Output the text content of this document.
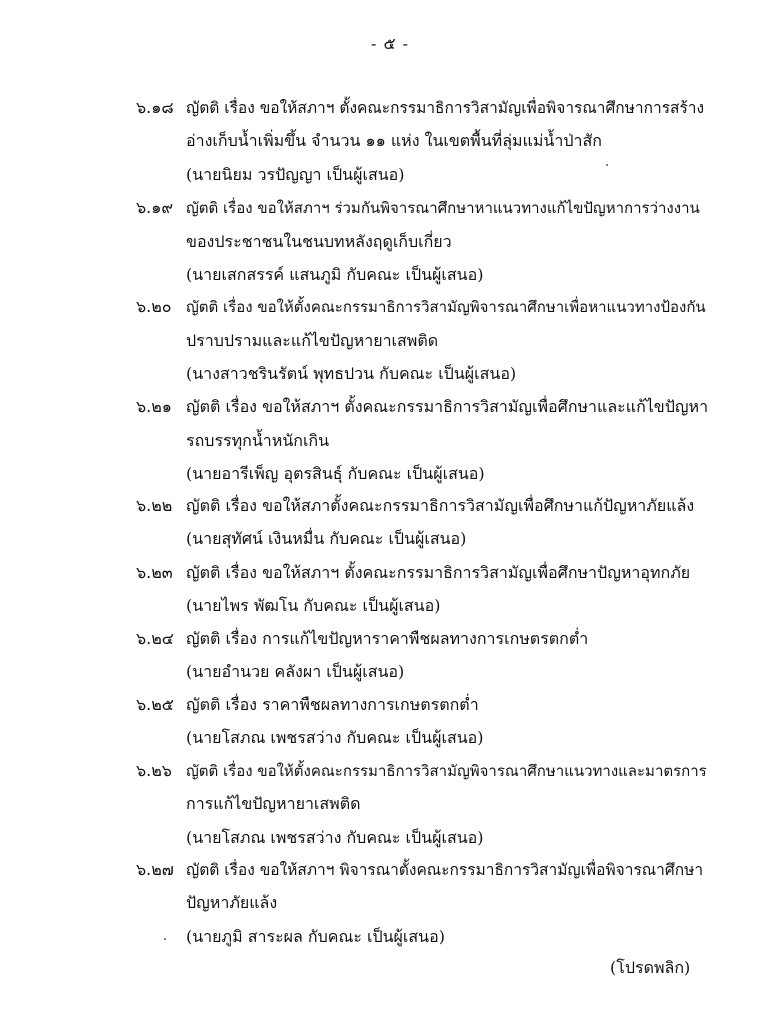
- ๕ -
๖.๑๘ ญัตติ เรื่อง ขอให้สภาฯ ตั้งคณะกรรมาธิการวิสามัญเพื่อพิจารณาศึกษาการสร้าง
อ่างเก็บน้ำเพิ่มขึ้น จำนวน ๑๑ แห่ง ในเขตพื้นที่ลุ่มแม่น้ำป่าสัก
(นายนิยม วรปัญญา เป็นผู้เสนอ)
๖.๑๙ ญัตติ เรื่อง ขอให้สภาฯ ร่วมกันพิจารณาศึกษาหาแนวทางแก้ไขปัญหาการว่างงาน
ของประชาชนในชนบทหลังฤดูเก็บเกี่ยว
(นายเสกสรรค์ แสนภูมิ กับคณะ เป็นผู้เสนอ)
๖.๒๐ ญัตติ เรื่อง ขอให้ตั้งคณะกรรมาธิการวิสามัญพิจารณาศึกษาเพื่อหาแนวทางป้องกัน
ปราบปรามและแก้ไขปัญหายาเสพติด
(นางสาวชรินรัตน์ พุทธปวน กับคณะ เป็นผู้เสนอ)
๖.๒๑ ญัตติ เรื่อง ขอให้สภาฯ ตั้งคณะกรรมาธิการวิสามัญเพื่อศึกษาและแก้ไขปัญหา
รถบรรทุกน้ำหนักเกิน
(นายอารีเพ็ญ อุตรสินธุ์ กับคณะ เป็นผู้เสนอ)
๖.๒๒ ญัตติ เรื่อง ขอให้สภาตั้งคณะกรรมาธิการวิสามัญเพื่อศึกษาแก้ปัญหาภัยแล้ง
(นายสุทัศน์ เงินหมื่น กับคณะ เป็นผู้เสนอ)
๖.๒๓ ญัตติ เรื่อง ขอให้สภาฯ ตั้งคณะกรรมาธิการวิสามัญเพื่อศึกษาปัญหาอุทกภัย
(นายไพร พัฒโน กับคณะ เป็นผู้เสนอ)
๖.๒๔ ญัตติ เรื่อง การแก้ไขปัญหาราคาพืชผลทางการเกษตรตกต่ำ
(นายอำนวย คลังผา เป็นผู้เสนอ)
๖.๒๕ ญัตติ เรื่อง ราคาพืชผลทางการเกษตรตกต่ำ
(นายโสภณ เพชรสว่าง กับคณะ เป็นผู้เสนอ)
๖.๒๖ ญัตติ เรื่อง ขอให้ตั้งคณะกรรมาธิการวิสามัญพิจารณาศึกษาแนวทางและมาตรการ
การแก้ไขปัญหายาเสพติด
(นายโสภณ เพชรสว่าง กับคณะ เป็นผู้เสนอ)
๖.๒๗ ญัตติ เรื่อง ขอให้สภาฯ พิจารณาตั้งคณะกรรมาธิการวิสามัญเพื่อพิจารณาศึกษา
ปัญหาภัยแล้ง
(นายภูมิ สาระผล กับคณะ เป็นผู้เสนอ)
(โปรดพลิก)
